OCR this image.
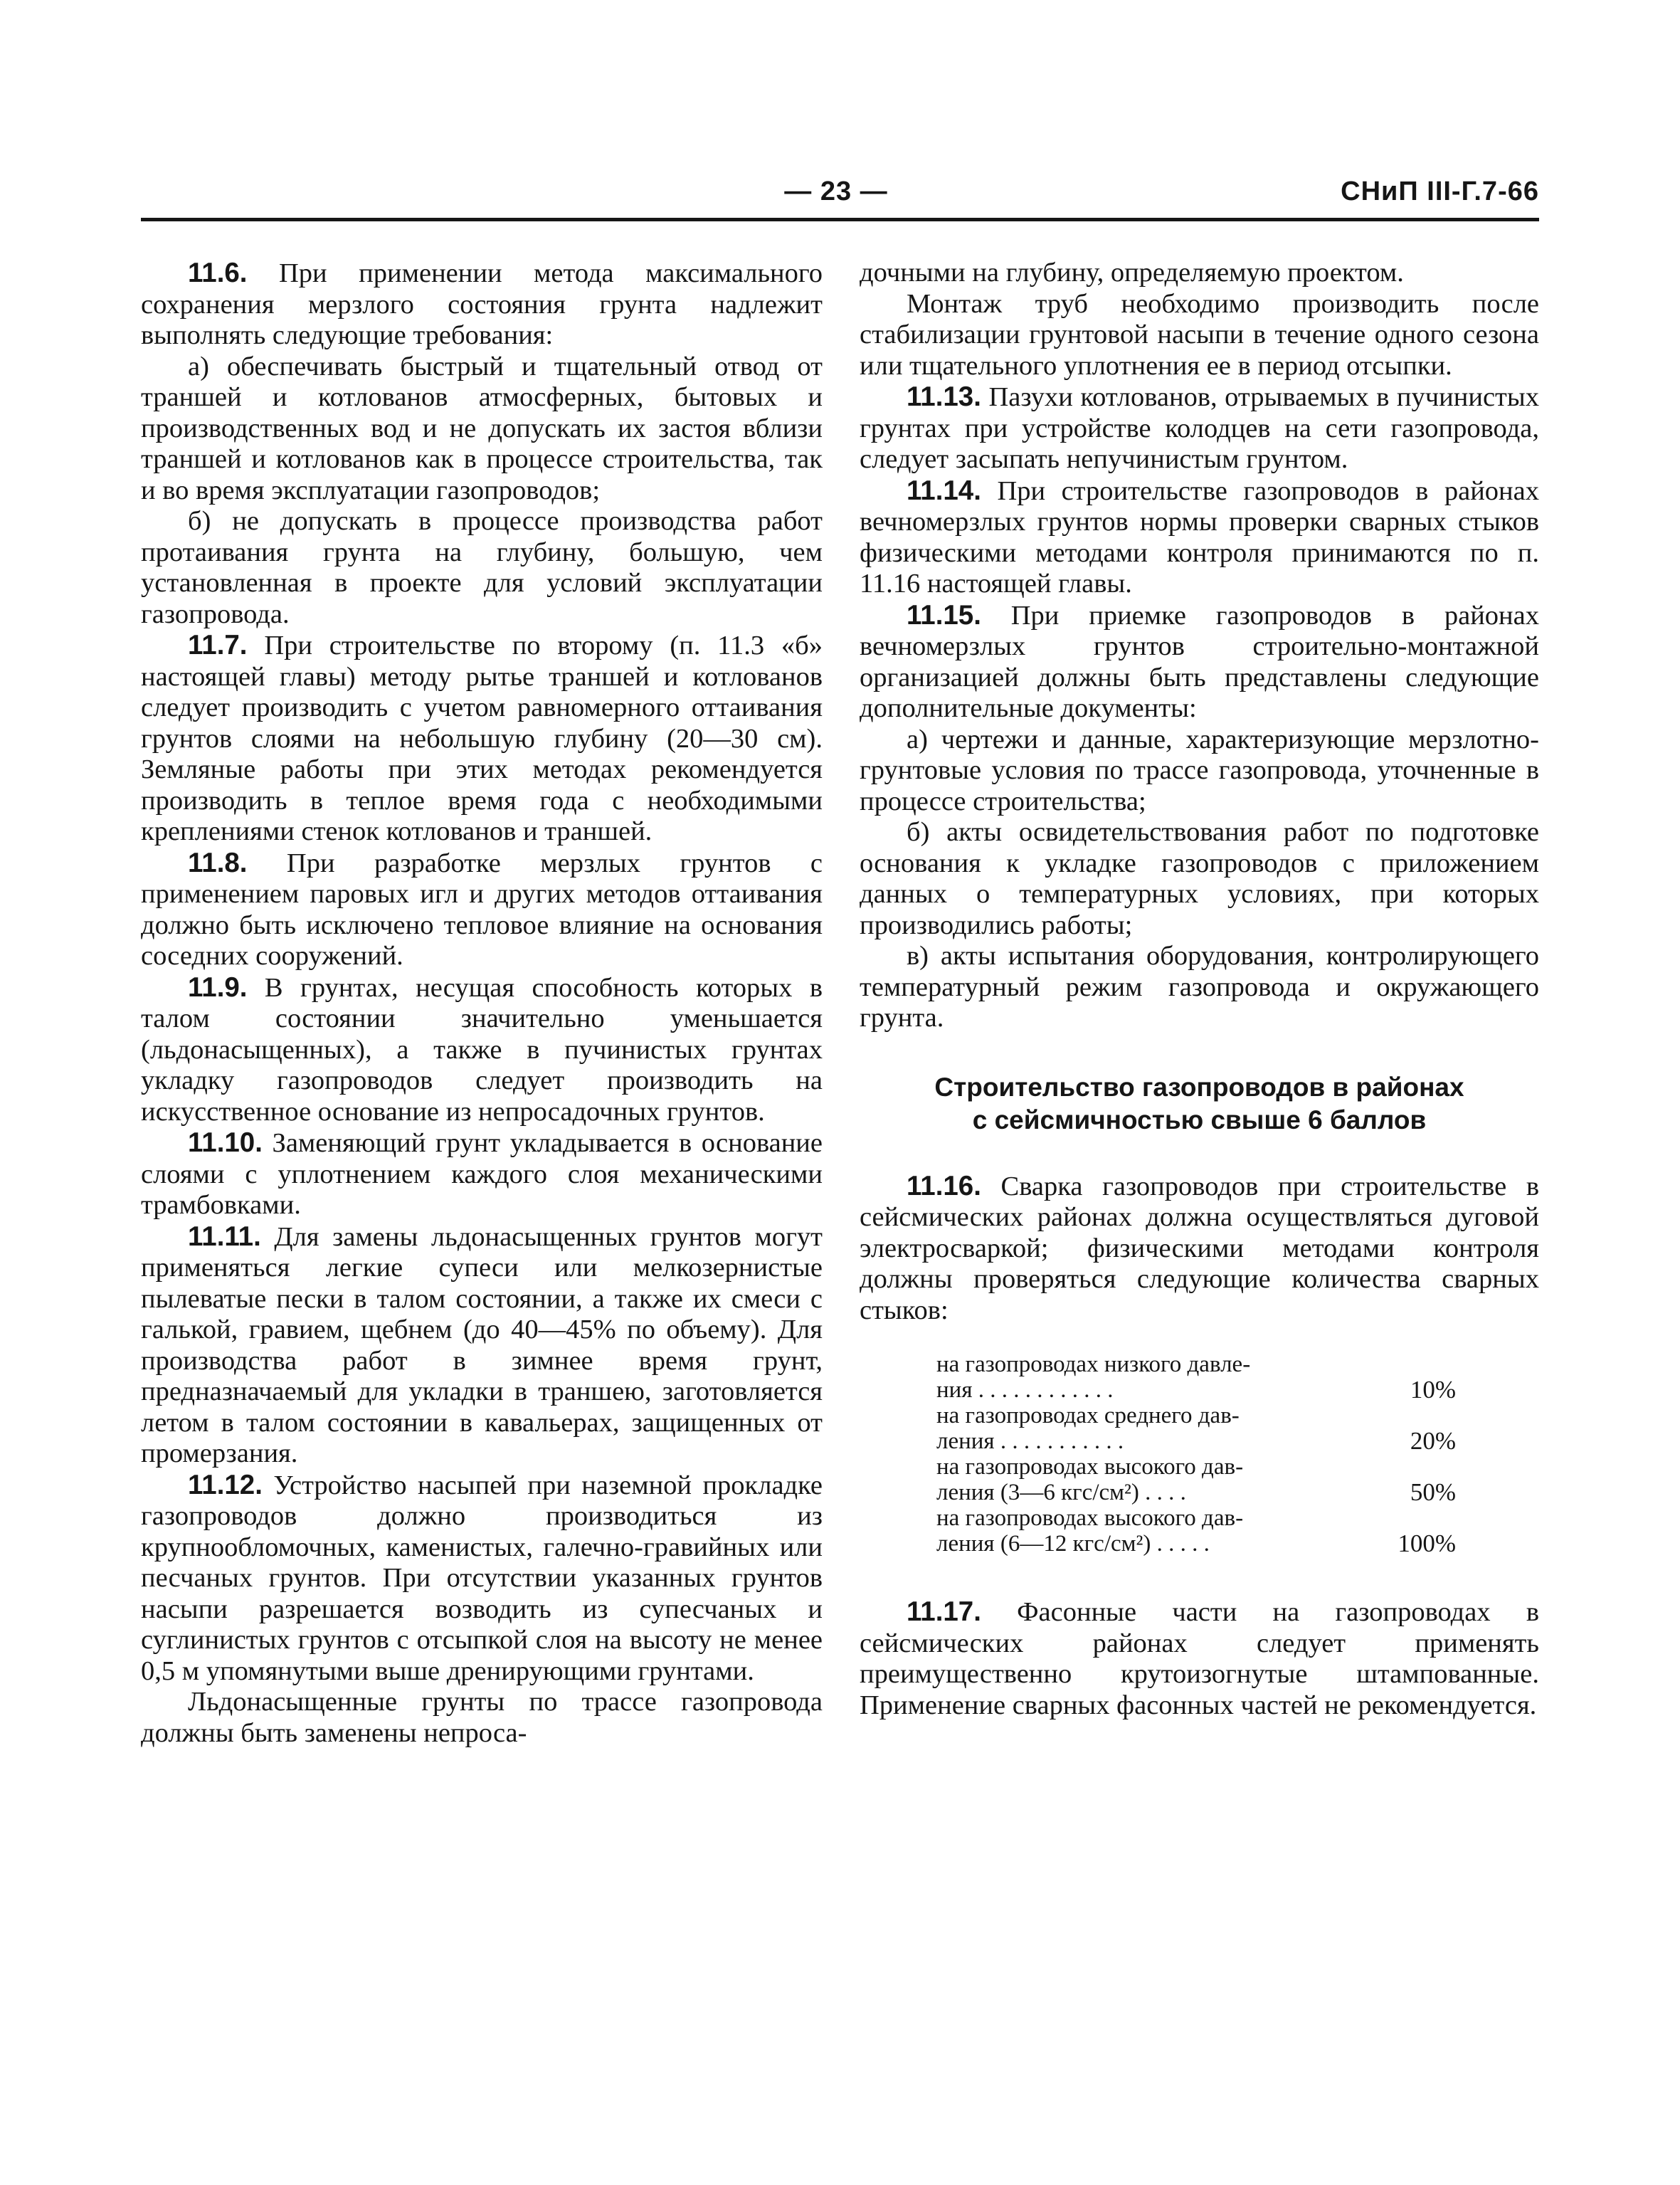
— 23 —	СНиП III-Г.7-66

11.6. При применении метода максимального сохранения мерзлого состояния грунта надлежит выполнять следующие требования:

а) обеспечивать быстрый и тщательный отвод от траншей и котлованов атмосферных, бытовых и производственных вод и не допускать их застоя вблизи траншей и котлованов как в процессе строительства, так и во время эксплуатации газопроводов;

б) не допускать в процессе производства работ протаивания грунта на глубину, большую, чем установленная в проекте для условий эксплуатации газопровода.

11.7. При строительстве по второму (п. 11.3 «б» настоящей главы) методу рытье траншей и котлованов следует производить с учетом равномерного оттаивания грунтов слоями на небольшую глубину (20—30 см). Земляные работы при этих методах рекомендуется производить в теплое время года с необходимыми креплениями стенок котлованов и траншей.

11.8. При разработке мерзлых грунтов с применением паровых игл и других методов оттаивания должно быть исключено тепловое влияние на основания соседних сооружений.

11.9. В грунтах, несущая способность которых в талом состоянии значительно уменьшается (льдонасыщенных), а также в пучинистых грунтах укладку газопроводов следует производить на искусственное основание из непросадочных грунтов.

11.10. Заменяющий грунт укладывается в основание слоями с уплотнением каждого слоя механическими трамбовками.

11.11. Для замены льдонасыщенных грунтов могут применяться легкие супеси или мелкозернистые пылеватые пески в талом состоянии, а также их смеси с галькой, гравием, щебнем (до 40—45% по объему). Для производства работ в зимнее время грунт, предназначаемый для укладки в траншею, заготовляется летом в талом состоянии в кавальерах, защищенных от промерзания.

11.12. Устройство насыпей при наземной прокладке газопроводов должно производиться из крупнообломочных, каменистых, галечно-гравийных или песчаных грунтов. При отсутствии указанных грунтов насыпи разрешается возводить из супесчаных и суглинистых грунтов с отсыпкой слоя на высоту не менее 0,5 м упомянутыми выше дренирующими грунтами.

Льдонасыщенные грунты по трассе газопровода должны быть заменены непроса-

дочными на глубину, определяемую проектом.

Монтаж труб необходимо производить после стабилизации грунтовой насыпи в течение одного сезона или тщательного уплотнения ее в период отсыпки.

11.13. Пазухи котлованов, отрываемых в пучинистых грунтах при устройстве колодцев на сети газопровода, следует засыпать непучинистым грунтом.

11.14. При строительстве газопроводов в районах вечномерзлых грунтов нормы проверки сварных стыков физическими методами контроля принимаются по п. 11.16 настоящей главы.

11.15. При приемке газопроводов в районах вечномерзлых грунтов строительно-монтажной организацией должны быть представлены следующие дополнительные документы:

а) чертежи и данные, характеризующие мерзлотно-грунтовые условия по трассе газопровода, уточненные в процессе строительства;

б) акты освидетельствования работ по подготовке основания к укладке газопроводов с приложением данных о температурных условиях, при которых производились работы;

в) акты испытания оборудования, контролирующего температурный режим газопровода и окружающего грунта.

Строительство газопроводов в районах

с сейсмичностью свыше 6 баллов

11.16. Сварка газопроводов при строительстве в сейсмических районах должна осуществляться дуговой электросваркой; физическими методами контроля должны проверяться следующие количества сварных стыков:

на газопроводах низкого давле-
ния . . . . . . . . . . . .	10%
на газопроводах среднего дав-
ления . . . . . . . . . . .	20%
на газопроводах высокого дав-
ления (3—6 кгс/см²) . . . .	50%
на газопроводах высокого дав-
ления (6—12 кгс/см²) . . . . .	100%

11.17. Фасонные части на газопроводах в сейсмических районах следует применять преимущественно крутоизогнутые штампованные. Применение сварных фасонных частей не рекомендуется.
